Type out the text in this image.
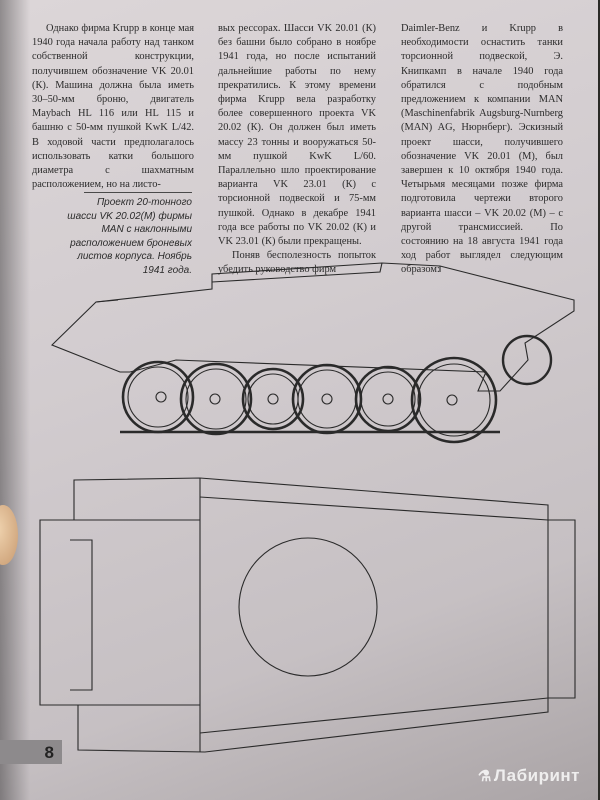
Однако фирма Krupp в конце мая 1940 года начала работу над танком собственной конструкции, получившем обозначение VK 20.01 (К). Машина должна была иметь 30–50-мм броню, двигатель Maybach HL 116 или HL 115 и башню с 50-мм пушкой KwK L/42. В ходовой части предполагалось использовать катки большого диаметра с шахматным расположением, но на листо-

Проект 20-тонного шасси VK 20.02(M) фирмы MAN с наклонными расположением броневых листов корпуса. Ноябрь 1941 года.

вых рессорах. Шасси VK 20.01 (К) без башни было собрано в ноябре 1941 года, но после испытаний дальнейшие работы по нему прекратились. К этому времени фирма Krupp вела разработку более совершенного проекта VK 20.02 (К). Он должен был иметь массу 23 тонны и вооружаться 50-мм пушкой KwK L/60. Параллельно шло проектирование варианта VK 23.01 (К) с торсионной подвеской и 75-мм пушкой. Однако в декабре 1941 года все работы по VK 20.02 (К) и VK 23.01 (К) были прекращены.

Поняв бесполезность попыток убедить руководство фирм

Daimler-Benz и Krupp в необходимости оснастить танки торсионной подвеской, Э. Книпкамп в начале 1940 года обратился с подобным предложением к компании MAN (Maschinenfabrik Augsburg-Nurnberg (MAN) AG, Нюрнберг). Эскизный проект шасси, получившего обозначение VK 20.01 (М), был завершен к 10 октября 1940 года. Четырьмя месяцами позже фирма подготовила чертежи второго варианта шасси – VK 20.02 (М) – с другой трансмиссией. По состоянию на 18 августа 1941 года ход работ выглядел следующим образом:

8
⚗ Лабиринт
